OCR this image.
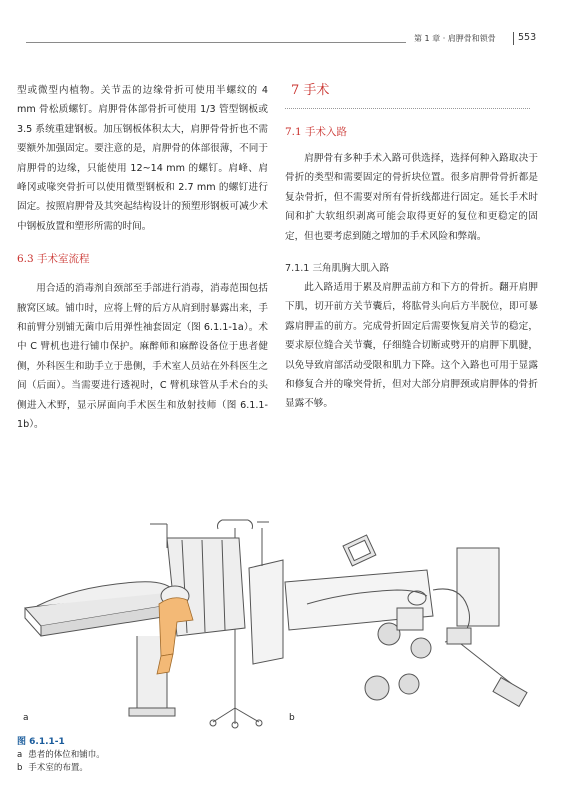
第 1 章 · 肩胛骨和锁骨 553

型或微型内植物。关节盂的边缘骨折可使用半螺纹的 4 mm 骨松质螺钉。肩胛骨体部骨折可使用 1/3 管型钢板或 3.5 系统重建钢板。加压钢板体积太大，肩胛骨骨折也不需要额外加强固定。要注意的是，肩胛骨的体部很薄，不同于肩胛骨的边缘，只能使用 12~14 mm 的螺钉。肩峰、肩峰冈或喙突骨折可以使用微型钢板和 2.7 mm 的螺钉进行固定。按照肩胛骨及其突起结构设计的预塑形钢板可减少术中钢板放置和塑形所需的时间。

6.3 手术室流程

用合适的消毒剂自颈部至手部进行消毒，消毒范围包括腋窝区域。铺巾时，应将上臂的后方从肩到肘暴露出来，手和前臂分别铺无菌巾后用弹性袖套固定（图 6.1.1-1a）。术中 C 臂机也进行铺巾保护。麻醉师和麻醉设备位于患者健侧，外科医生和助手立于患侧，手术室人员站在外科医生之间（后面）。当需要进行透视时，C 臂机球管从手术台的头侧进入术野，显示屏面向手术医生和放射技师（图 6.1.1-1b）。

7 手术
7.1 手术入路

肩胛骨有多种手术入路可供选择，选择何种入路取决于骨折的类型和需要固定的骨折块位置。很多肩胛骨骨折都是复杂骨折，但不需要对所有骨折线都进行固定。延长手术时间和扩大软组织剥离可能会取得更好的复位和更稳定的固定，但也要考虑到随之增加的手术风险和弊端。

7.1.1 三角肌胸大肌入路

此入路适用于累及肩胛盂前方和下方的骨折。翻开肩胛下肌，切开前方关节囊后，将肱骨头向后方半脱位，即可暴露肩胛盂的前方。完成骨折固定后需要恢复肩关节的稳定，要求原位缝合关节囊，仔细缝合切断或劈开的肩胛下肌腱，以免导致肩部活动受限和肌力下降。这个入路也可用于显露和修复合并的喙突骨折，但对大部分肩胛颈或肩胛体的骨折显露不够。

a	b
图 6.1.1-1
a 患者的体位和铺巾。
b 手术室的布置。
